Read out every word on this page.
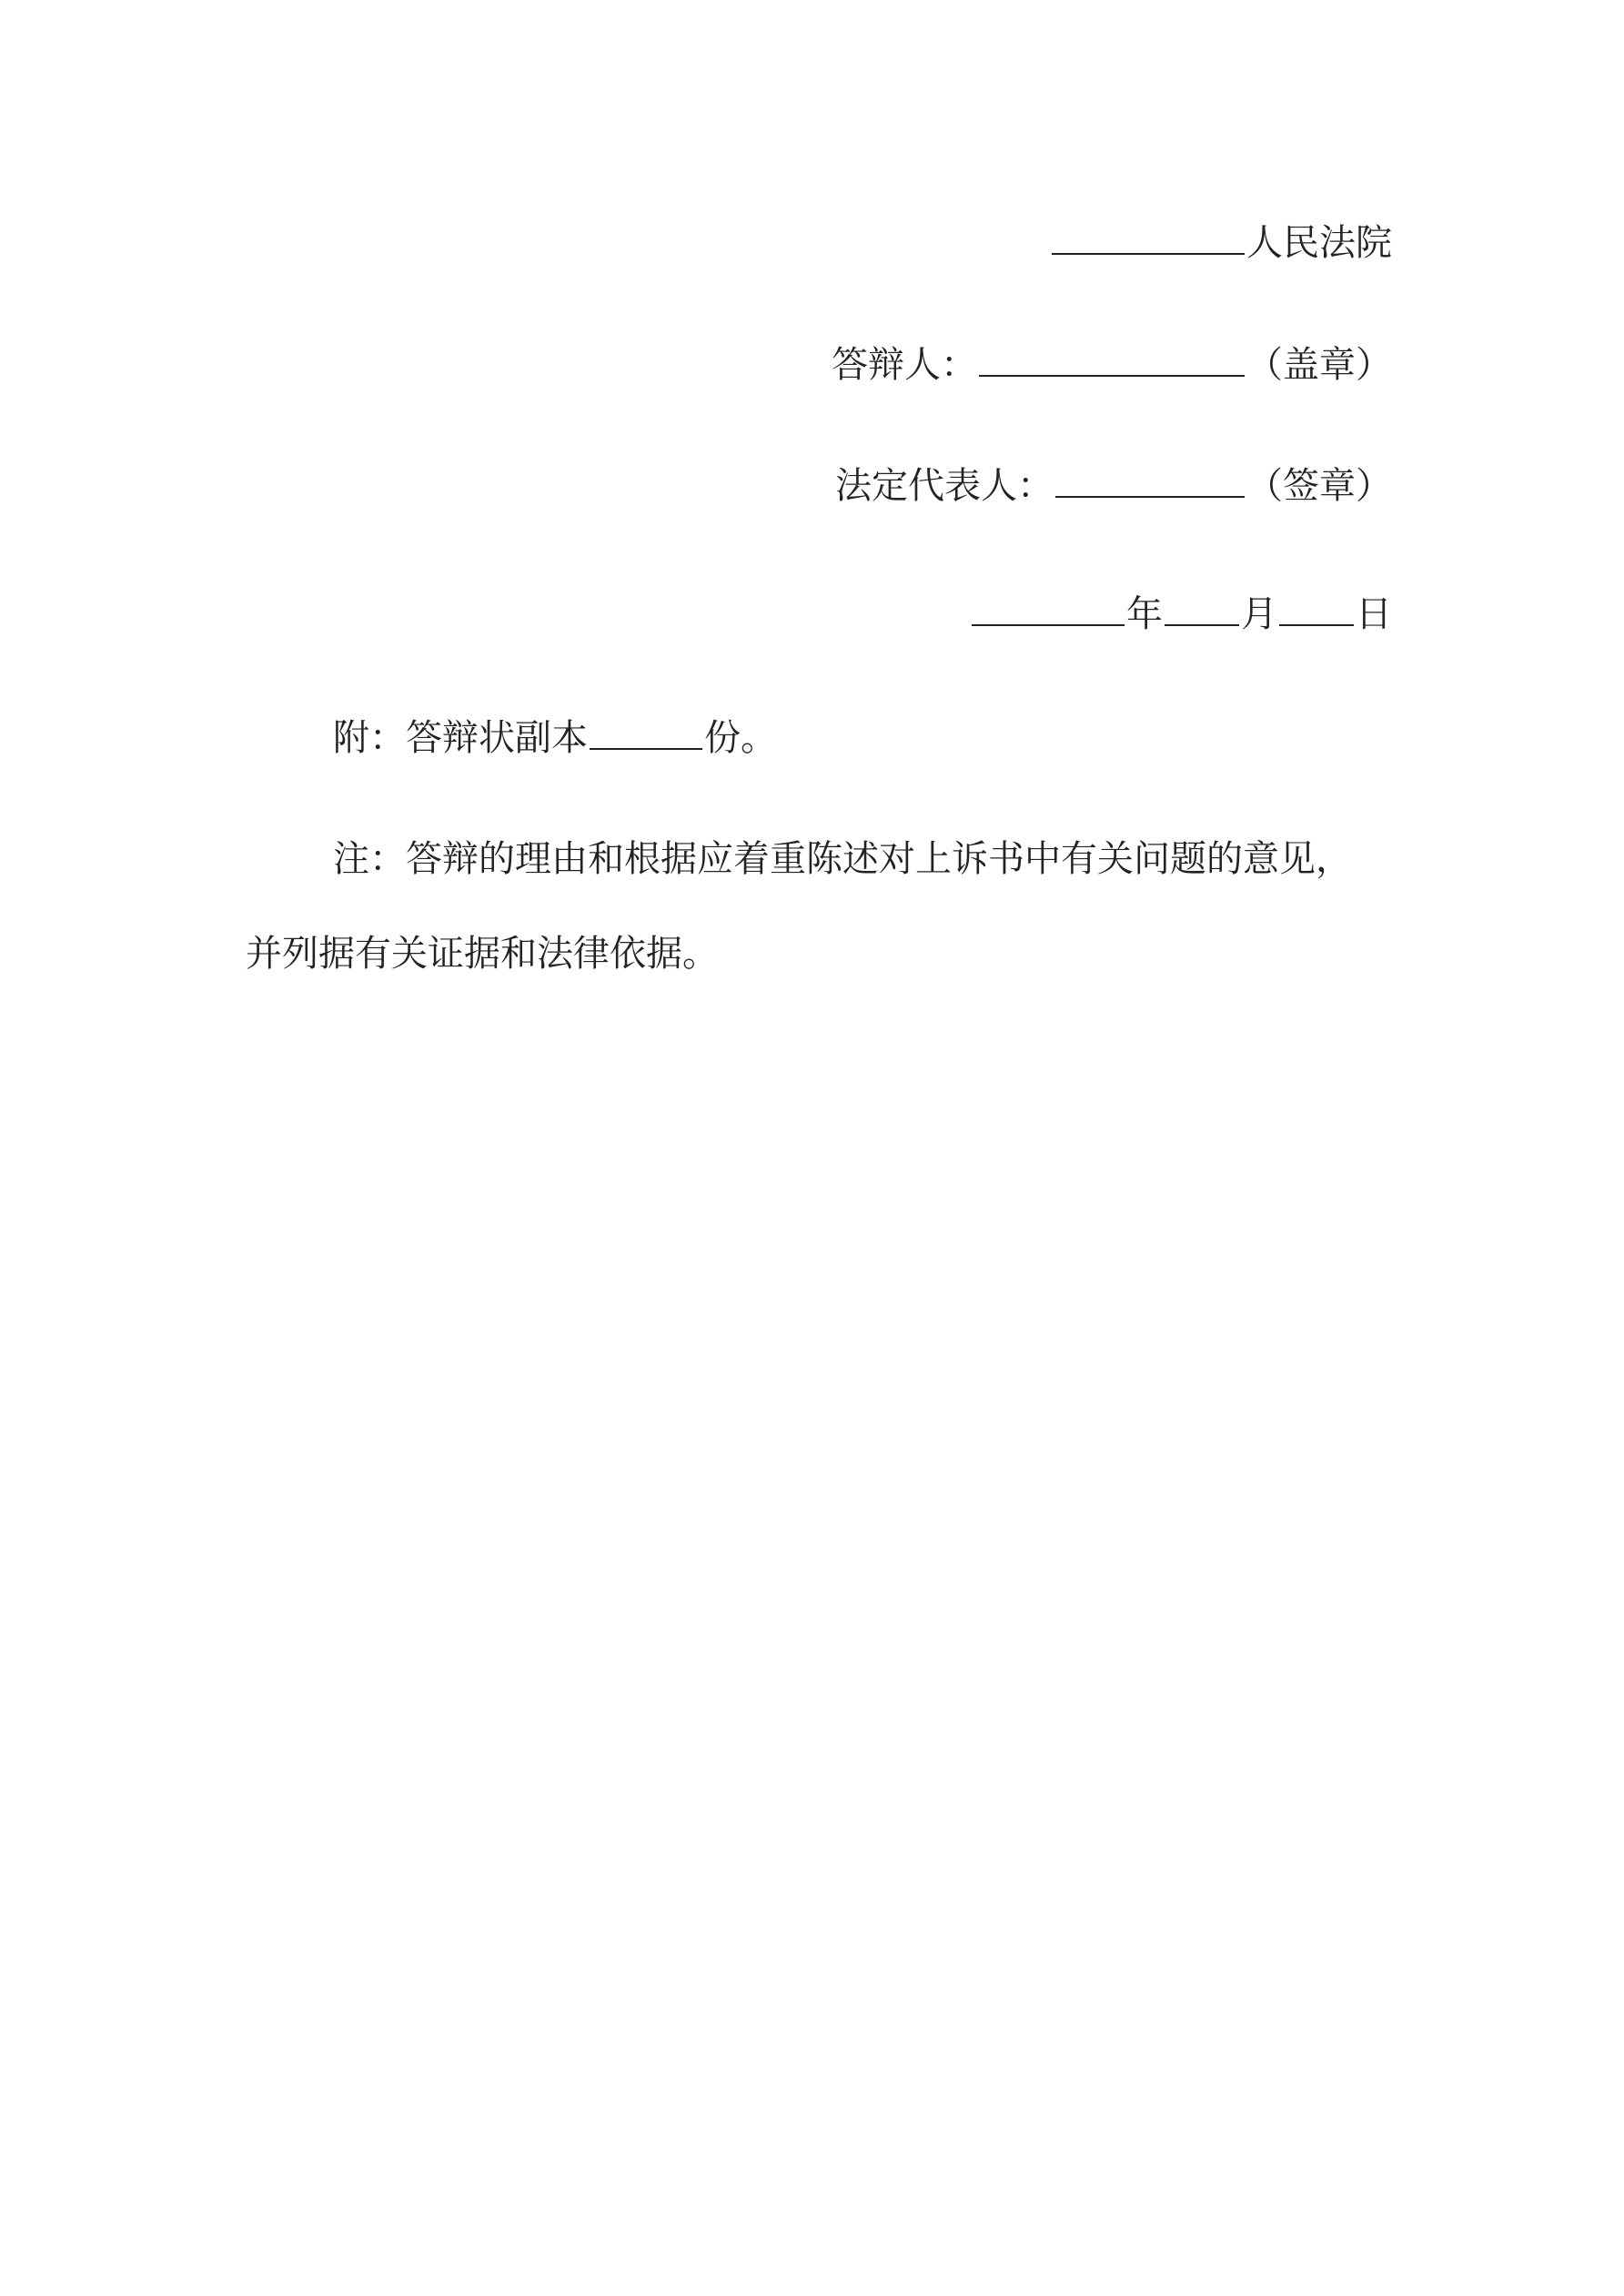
人民法院
答辩人：	（盖章）
法定代表人：	（签章）
年 月 日
附：答辩状副本	份。
注：答辩的理由和根据应着重陈述对上诉书中有关问题的意见，
并列据有关证据和法律依据。
